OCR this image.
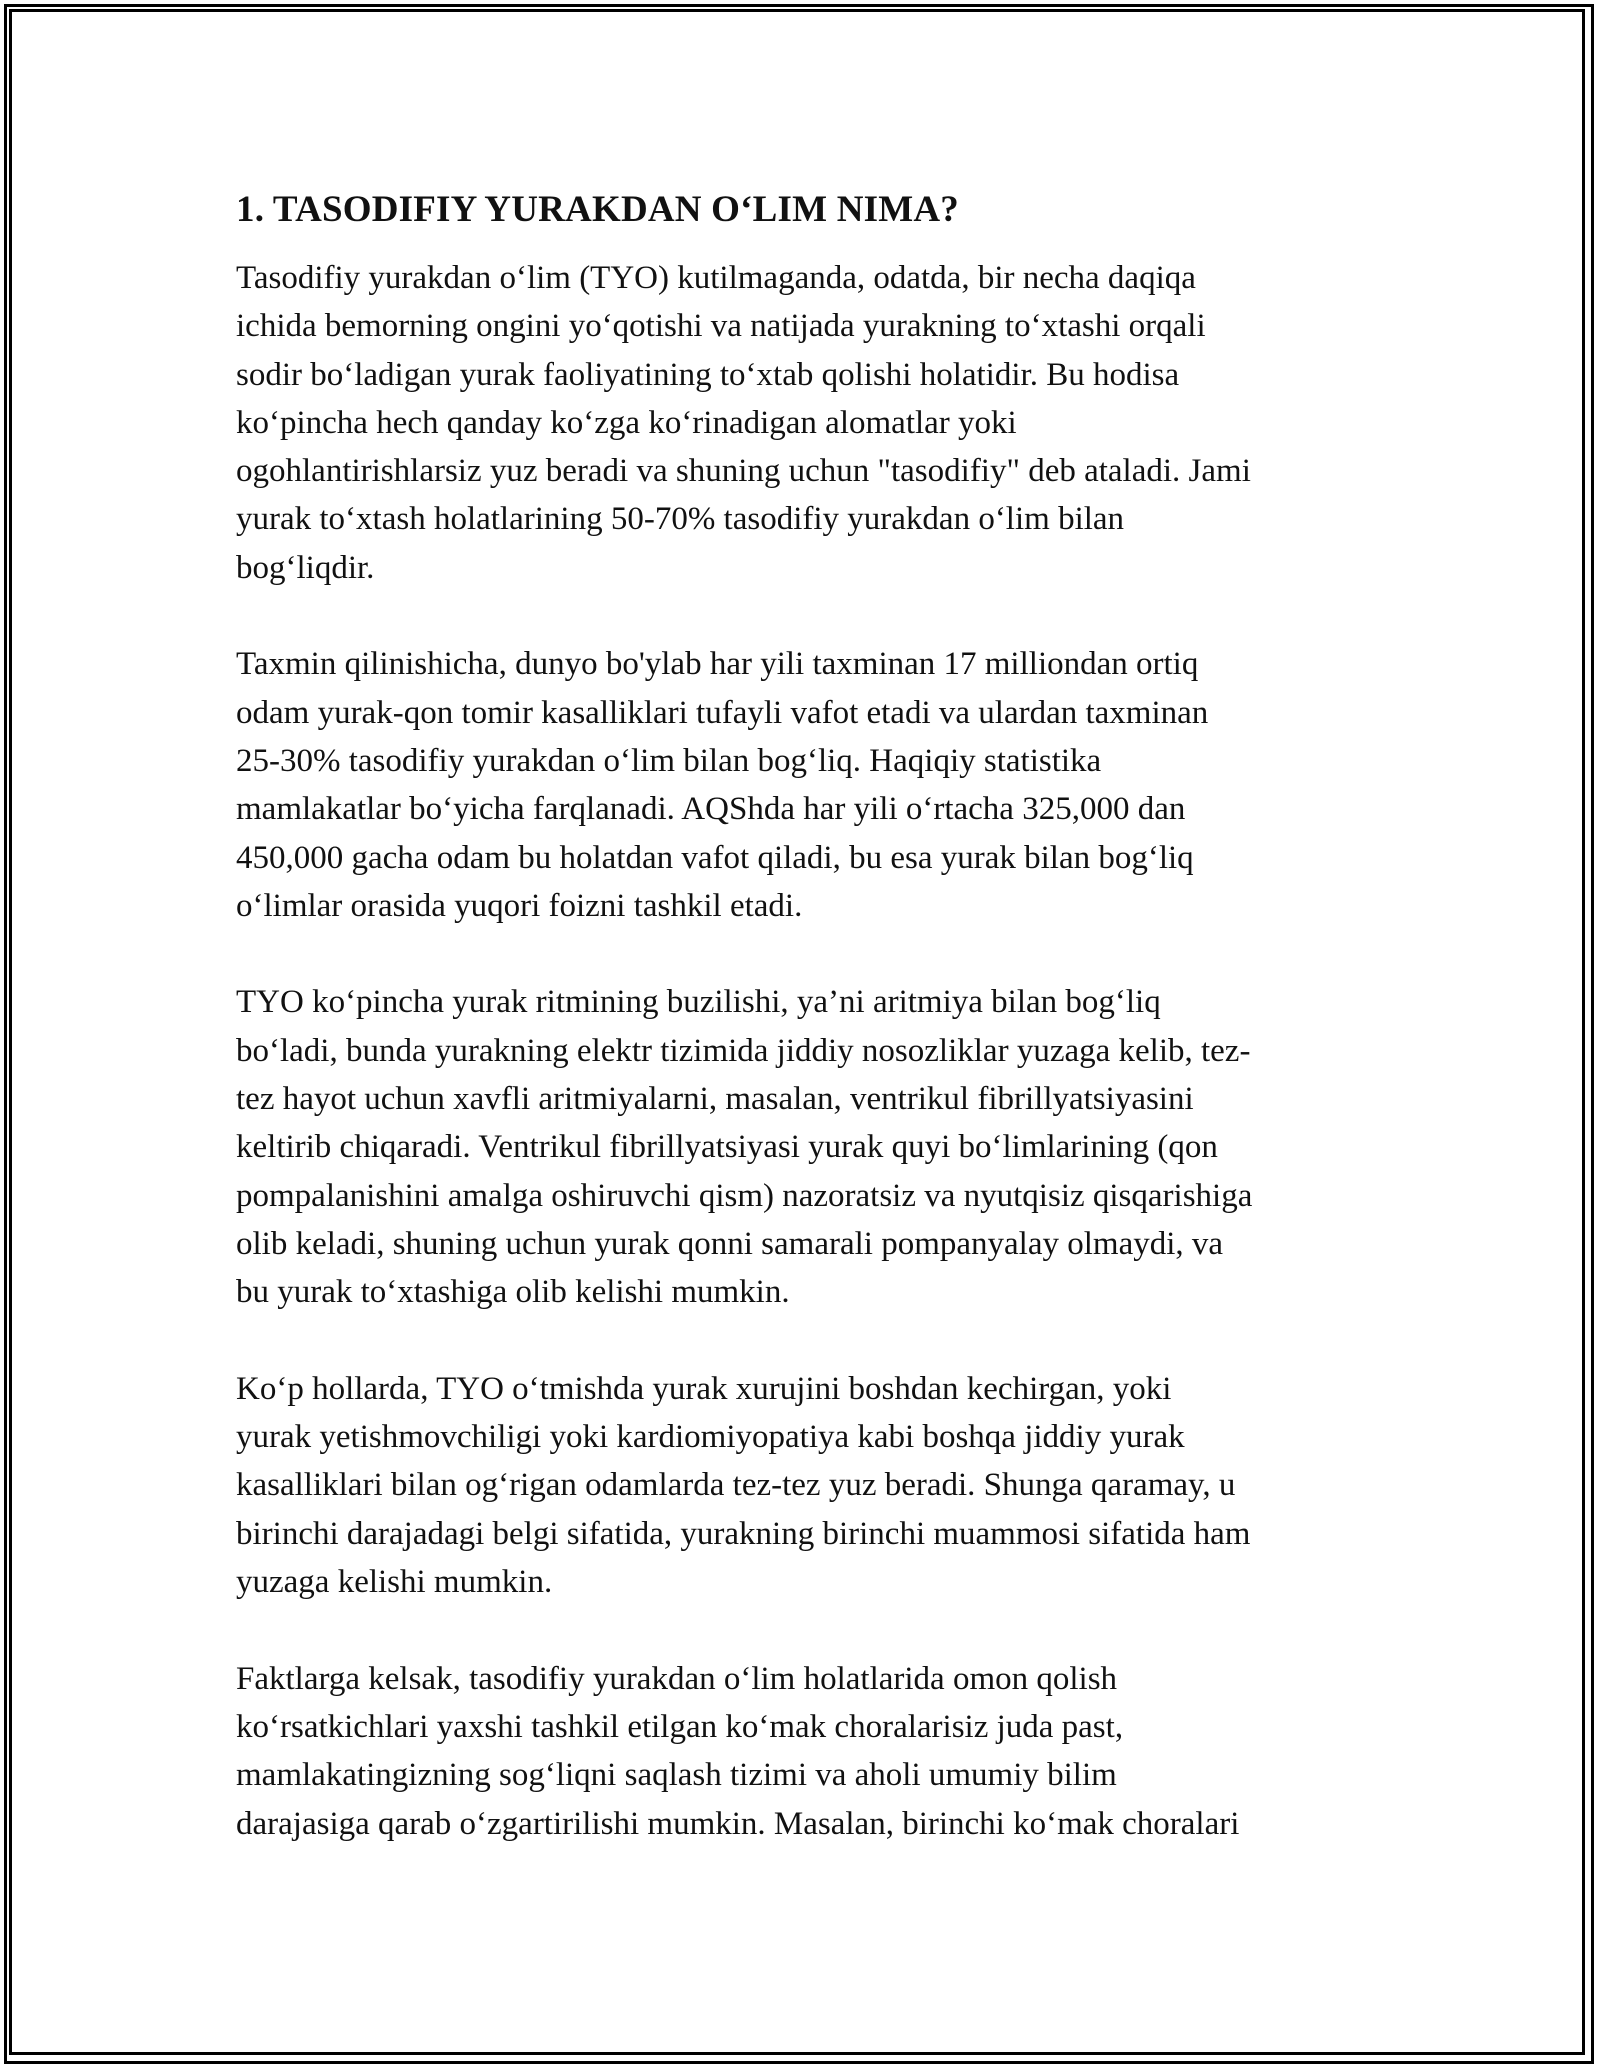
1. TASODIFIY YURAKDAN O‘LIM NIMA?

Tasodifiy yurakdan o‘lim (TYO) kutilmaganda, odatda, bir necha daqiqa
ichida bemorning ongini yo‘qotishi va natijada yurakning to‘xtashi orqali
sodir bo‘ladigan yurak faoliyatining to‘xtab qolishi holatidir. Bu hodisa
ko‘pincha hech qanday ko‘zga ko‘rinadigan alomatlar yoki
ogohlantirishlarsiz yuz beradi va shuning uchun "tasodifiy" deb ataladi. Jami
yurak to‘xtash holatlarining 50-70% tasodifiy yurakdan o‘lim bilan
bog‘liqdir.

Taxmin qilinishicha, dunyo bo'ylab har yili taxminan 17 milliondan ortiq
odam yurak-qon tomir kasalliklari tufayli vafot etadi va ulardan taxminan
25-30% tasodifiy yurakdan o‘lim bilan bog‘liq. Haqiqiy statistika
mamlakatlar bo‘yicha farqlanadi. AQShda har yili o‘rtacha 325,000 dan
450,000 gacha odam bu holatdan vafot qiladi, bu esa yurak bilan bog‘liq
o‘limlar orasida yuqori foizni tashkil etadi.

TYO ko‘pincha yurak ritmining buzilishi, ya’ni aritmiya bilan bog‘liq
bo‘ladi, bunda yurakning elektr tizimida jiddiy nosozliklar yuzaga kelib, tez-
tez hayot uchun xavfli aritmiyalarni, masalan, ventrikul fibrillyatsiyasini
keltirib chiqaradi. Ventrikul fibrillyatsiyasi yurak quyi bo‘limlarining (qon
pompalanishini amalga oshiruvchi qism) nazoratsiz va nyutqisiz qisqarishiga
olib keladi, shuning uchun yurak qonni samarali pompanyalay olmaydi, va
bu yurak to‘xtashiga olib kelishi mumkin.

Ko‘p hollarda, TYO o‘tmishda yurak xurujini boshdan kechirgan, yoki
yurak yetishmovchiligi yoki kardiomiyopatiya kabi boshqa jiddiy yurak
kasalliklari bilan og‘rigan odamlarda tez-tez yuz beradi. Shunga qaramay, u
birinchi darajadagi belgi sifatida, yurakning birinchi muammosi sifatida ham
yuzaga kelishi mumkin.

Faktlarga kelsak, tasodifiy yurakdan o‘lim holatlarida omon qolish
ko‘rsatkichlari yaxshi tashkil etilgan ko‘mak choralarisiz juda past,
mamlakatingizning sog‘liqni saqlash tizimi va aholi umumiy bilim
darajasiga qarab o‘zgartirilishi mumkin. Masalan, birinchi ko‘mak choralari
